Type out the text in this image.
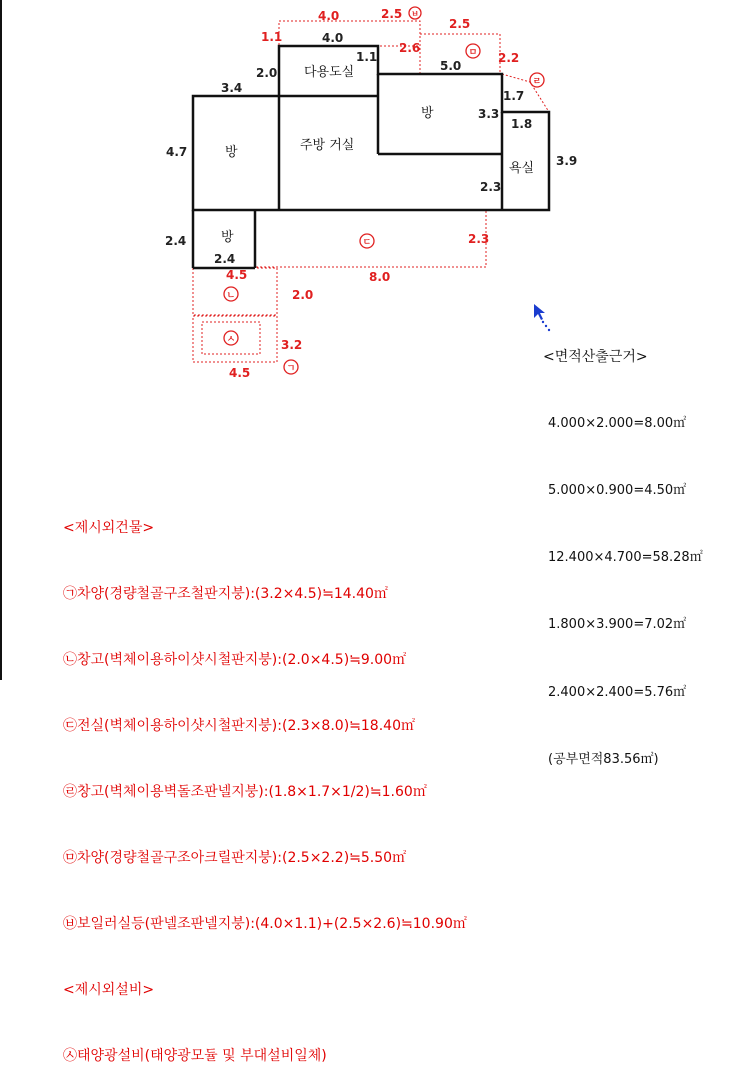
4.0
1.1
2.0
3.4
5.0
1.7
3.3
1.8
4.7
3.9
2.3
2.4
2.4
4.0	2.5
2.5
1.1
2.6
2.2
2.3
4.5	8.0
2.0
3.2
4.5
다용도실
방
방	주방 거실
욕실
방
ㅂ
ㅁ
ㄹ
ㄷ
ㄴ
ㅅ
ㄱ
<면적산출근거>

4.000×2.000=8.00㎡

5.000×0.900=4.50㎡

12.400×4.700=58.28㎡

1.800×3.900=7.02㎡

2.400×2.400=5.76㎡

(공부면적83.56㎡)

<제시외건물>

㉠차양(경량철골구조철판지붕):(3.2×4.5)≒14.40㎡

㉡창고(벽체이용하이샷시철판지붕):(2.0×4.5)≒9.00㎡

㉢전실(벽체이용하이샷시철판지붕):(2.3×8.0)≒18.40㎡

㉣창고(벽체이용벽돌조판넬지붕):(1.8×1.7×1/2)≒1.60㎡

㉤차양(경량철골구조아크릴판지붕):(2.5×2.2)≒5.50㎡

㉥보일러실등(판넬조판넬지붕):(4.0×1.1)+(2.5×2.6)≒10.90㎡

<제시외설비>

㉦태양광설비(태양광모듈 및 부대설비일체)
